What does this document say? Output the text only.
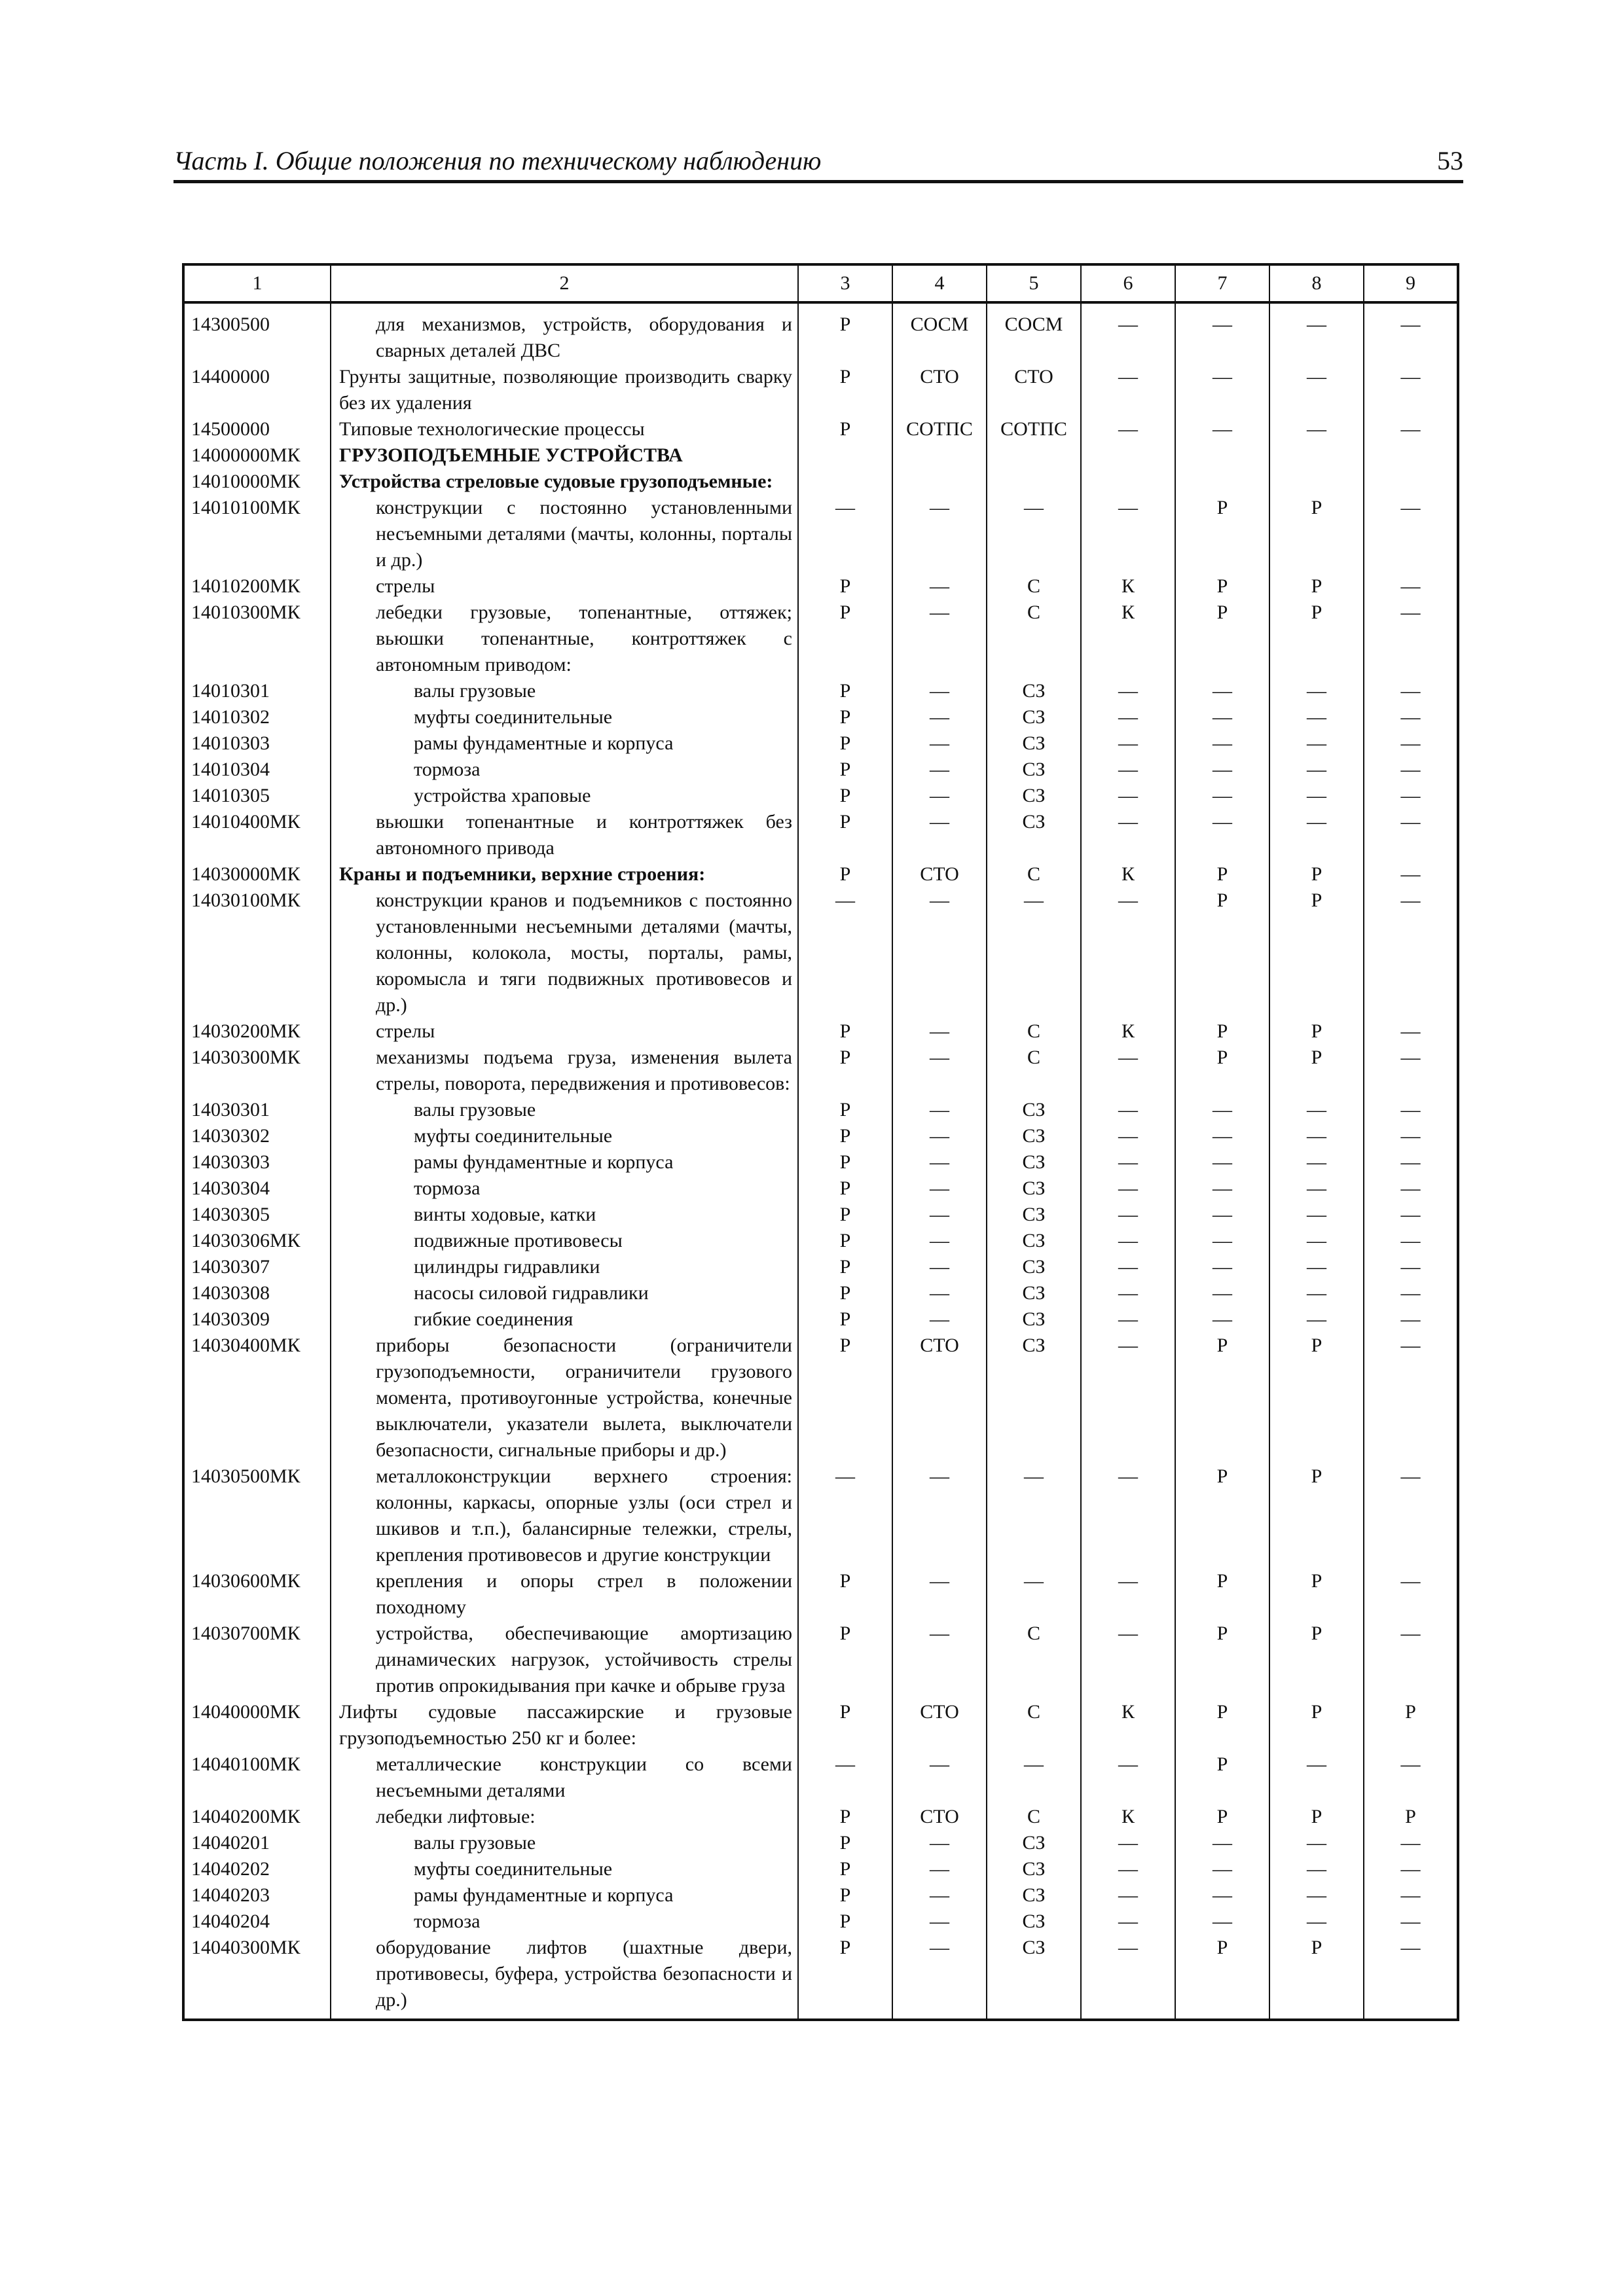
Часть I. Общие положения по техническому наблюдению	53
1	2	3	4	5	6	7	8	9
14300500	для механизмов, устройств, оборудования и сварных деталей ДВС	Р	СОСМ	СОСМ	—	—	—	—
14400000	Грунты защитные, позволяющие производить сварку без их удаления	Р	СТО	СТО	—	—	—	—
14500000	Типовые технологические процессы	Р	СОТПС	СОТПС	—	—	—	—
14000000МК	ГРУЗОПОДЪЕМНЫЕ УСТРОЙСТВА							
14010000МК	Устройства стреловые судовые грузоподъемные:							
14010100МК	конструкции с постоянно установленными несъемными деталями (мачты, колонны, порталы и др.)	—	—	—	—	Р	Р	—
14010200МК	стрелы	Р	—	С	К	Р	Р	—
14010300МК	лебедки грузовые, топенантные, оттяжек; вьюшки топенантные, контроттяжек с автономным приводом:	Р	—	С	К	Р	Р	—
14010301	валы грузовые	Р	—	СЗ	—	—	—	—
14010302	муфты соединительные	Р	—	СЗ	—	—	—	—
14010303	рамы фундаментные и корпуса	Р	—	СЗ	—	—	—	—
14010304	тормоза	Р	—	СЗ	—	—	—	—
14010305	устройства храповые	Р	—	СЗ	—	—	—	—
14010400МК	вьюшки топенантные и контроттяжек без автономного привода	Р	—	СЗ	—	—	—	—
14030000МК	Краны и подъемники, верхние строения:	Р	СТО	С	К	Р	Р	—
14030100МК	конструкции кранов и подъемников с постоянно установленными несъемными деталями (мачты, колонны, колокола, мосты, порталы, рамы, коромысла и тяги подвижных противовесов и др.)	—	—	—	—	Р	Р	—
14030200МК	стрелы	Р	—	С	К	Р	Р	—
14030300МК	механизмы подъема груза, изменения вылета стрелы, поворота, передвижения и противовесов:	Р	—	С	—	Р	Р	—
14030301	валы грузовые	Р	—	СЗ	—	—	—	—
14030302	муфты соединительные	Р	—	СЗ	—	—	—	—
14030303	рамы фундаментные и корпуса	Р	—	СЗ	—	—	—	—
14030304	тормоза	Р	—	СЗ	—	—	—	—
14030305	винты ходовые, катки	Р	—	СЗ	—	—	—	—
14030306МК	подвижные противовесы	Р	—	СЗ	—	—	—	—
14030307	цилиндры гидравлики	Р	—	СЗ	—	—	—	—
14030308	насосы силовой гидравлики	Р	—	СЗ	—	—	—	—
14030309	гибкие соединения	Р	—	СЗ	—	—	—	—
14030400МК	приборы безопасности (ограничители грузоподъемности, ограничители грузового момента, противоугонные устройства, конечные выключатели, указатели вылета, выключатели безопасности, сигнальные приборы и др.)	Р	СТО	СЗ	—	Р	Р	—
14030500МК	металлоконструкции верхнего строения: колонны, каркасы, опорные узлы (оси стрел и шкивов и т.п.), балансирные тележки, стрелы, крепления противовесов и другие конструкции	—	—	—	—	Р	Р	—
14030600МК	крепления и опоры стрел в положении походному	Р	—	—	—	Р	Р	—
14030700МК	устройства, обеспечивающие амортизацию динамических нагрузок, устойчивость стрелы против опрокидывания при качке и обрыве груза	Р	—	С	—	Р	Р	—
14040000МК	Лифты судовые пассажирские и грузовые грузоподъемностью 250 кг и более:	Р	СТО	С	К	Р	Р	Р
14040100МК	металлические конструкции со всеми несъемными деталями	—	—	—	—	Р	—	—
14040200МК	лебедки лифтовые:	Р	СТО	С	К	Р	Р	Р
14040201	валы грузовые	Р	—	СЗ	—	—	—	—
14040202	муфты соединительные	Р	—	СЗ	—	—	—	—
14040203	рамы фундаментные и корпуса	Р	—	СЗ	—	—	—	—
14040204	тормоза	Р	—	СЗ	—	—	—	—
14040300МК	оборудование лифтов (шахтные двери, противовесы, буфера, устройства безопасности и др.)	Р	—	СЗ	—	Р	Р	—
